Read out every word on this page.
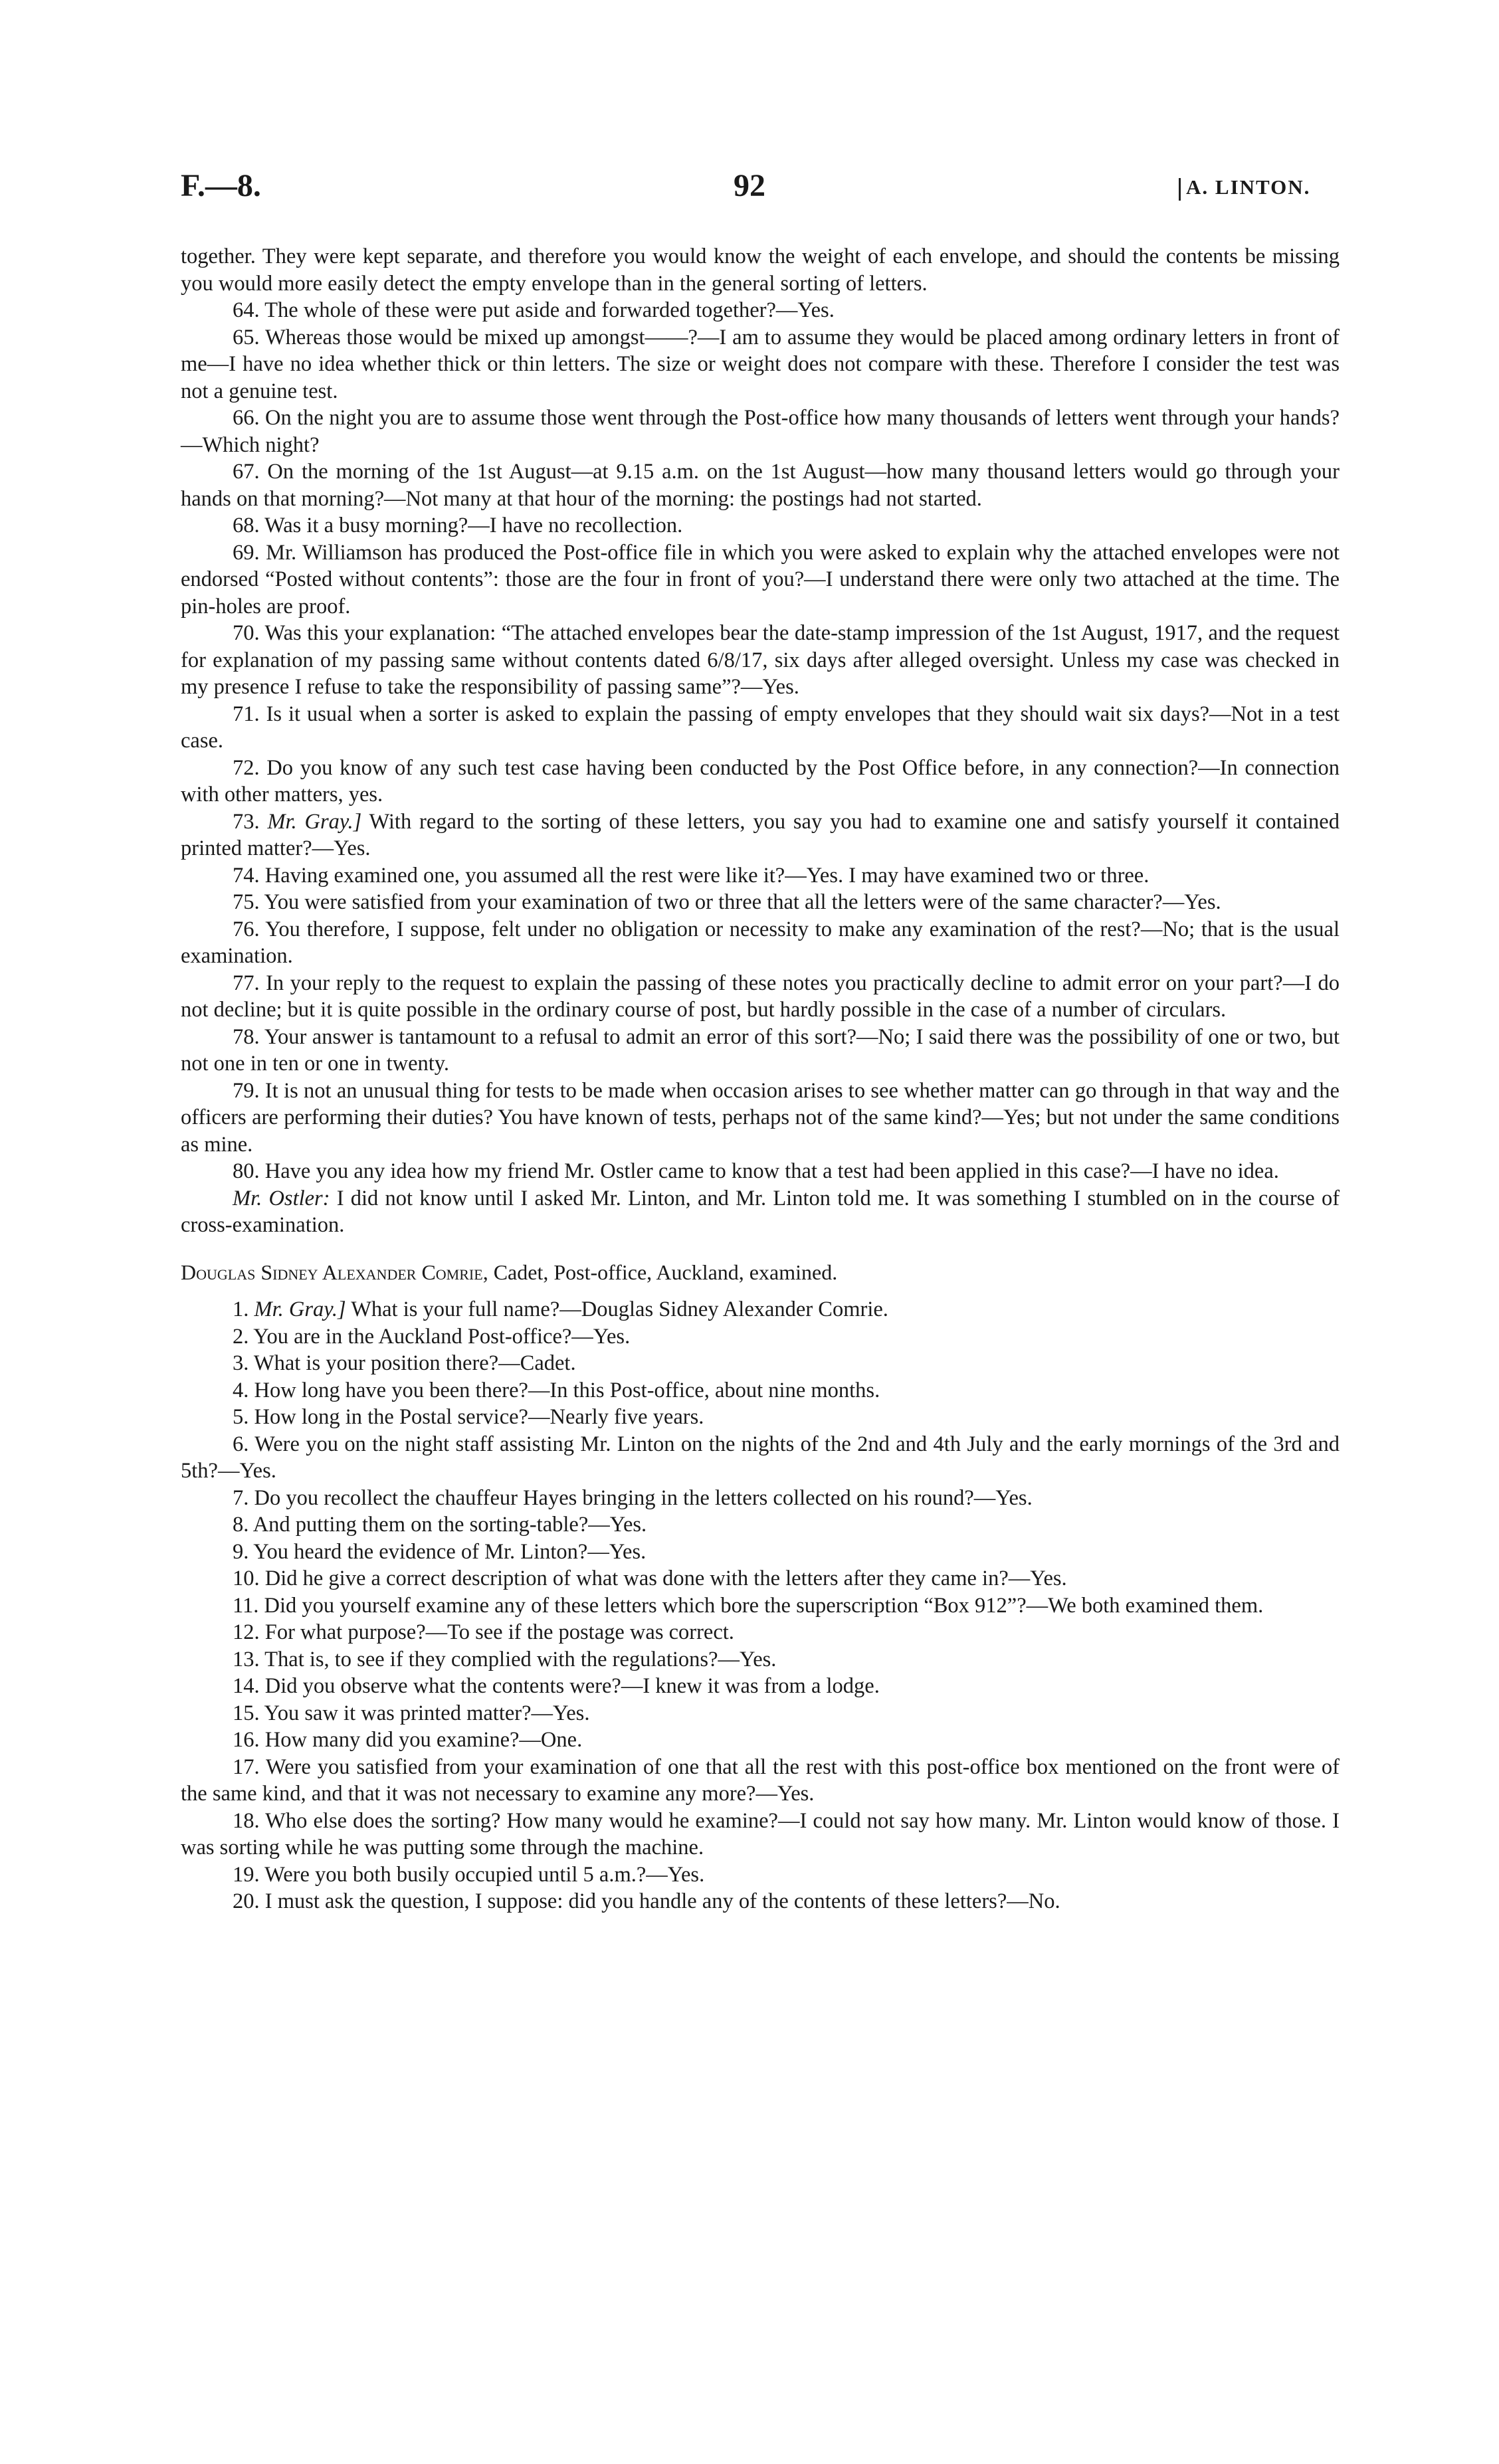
92
F.—8.	A. LINTON.

together. They were kept separate, and therefore you would know the weight of each envelope, and should the contents be missing you would more easily detect the empty envelope than in the general sorting of letters.

64. The whole of these were put aside and forwarded together?—Yes.

65. Whereas those would be mixed up amongst——?—I am to assume they would be placed among ordinary letters in front of me—I have no idea whether thick or thin letters. The size or weight does not compare with these. Therefore I consider the test was not a genuine test.

66. On the night you are to assume those went through the Post-office how many thousands of letters went through your hands?—Which night?

67. On the morning of the 1st August—at 9.15 a.m. on the 1st August—how many thousand letters would go through your hands on that morning?—Not many at that hour of the morning: the postings had not started.

68. Was it a busy morning?—I have no recollection.

69. Mr. Williamson has produced the Post-office file in which you were asked to explain why the attached envelopes were not endorsed “Posted without contents”: those are the four in front of you?—I understand there were only two attached at the time. The pin-holes are proof.

70. Was this your explanation: “The attached envelopes bear the date-stamp impression of the 1st August, 1917, and the request for explanation of my passing same without contents dated 6/8/17, six days after alleged oversight. Unless my case was checked in my presence I refuse to take the responsibility of passing same”?—Yes.

71. Is it usual when a sorter is asked to explain the passing of empty envelopes that they should wait six days?—Not in a test case.

72. Do you know of any such test case having been conducted by the Post Office before, in any connection?—In connection with other matters, yes.

73. Mr. Gray.] With regard to the sorting of these letters, you say you had to examine one and satisfy yourself it contained printed matter?—Yes.

74. Having examined one, you assumed all the rest were like it?—Yes. I may have examined two or three.

75. You were satisfied from your examination of two or three that all the letters were of the same character?—Yes.

76. You therefore, I suppose, felt under no obligation or necessity to make any examination of the rest?—No; that is the usual examination.

77. In your reply to the request to explain the passing of these notes you practically decline to admit error on your part?—I do not decline; but it is quite possible in the ordinary course of post, but hardly possible in the case of a number of circulars.

78. Your answer is tantamount to a refusal to admit an error of this sort?—No; I said there was the possibility of one or two, but not one in ten or one in twenty.

79. It is not an unusual thing for tests to be made when occasion arises to see whether matter can go through in that way and the officers are performing their duties? You have known of tests, perhaps not of the same kind?—Yes; but not under the same conditions as mine.

80. Have you any idea how my friend Mr. Ostler came to know that a test had been applied in this case?—I have no idea.

Mr. Ostler: I did not know until I asked Mr. Linton, and Mr. Linton told me. It was something I stumbled on in the course of cross-examination.

Douglas Sidney Alexander Comrie, Cadet, Post-office, Auckland, examined.

1. Mr. Gray.] What is your full name?—Douglas Sidney Alexander Comrie.

2. You are in the Auckland Post-office?—Yes.

3. What is your position there?—Cadet.

4. How long have you been there?—In this Post-office, about nine months.

5. How long in the Postal service?—Nearly five years.

6. Were you on the night staff assisting Mr. Linton on the nights of the 2nd and 4th July and the early mornings of the 3rd and 5th?—Yes.

7. Do you recollect the chauffeur Hayes bringing in the letters collected on his round?—Yes.

8. And putting them on the sorting-table?—Yes.

9. You heard the evidence of Mr. Linton?—Yes.

10. Did he give a correct description of what was done with the letters after they came in?—Yes.

11. Did you yourself examine any of these letters which bore the superscription “Box 912”?—We both examined them.

12. For what purpose?—To see if the postage was correct.

13. That is, to see if they complied with the regulations?—Yes.

14. Did you observe what the contents were?—I knew it was from a lodge.

15. You saw it was printed matter?—Yes.

16. How many did you examine?—One.

17. Were you satisfied from your examination of one that all the rest with this post-office box mentioned on the front were of the same kind, and that it was not necessary to examine any more?—Yes.

18. Who else does the sorting? How many would he examine?—I could not say how many. Mr. Linton would know of those. I was sorting while he was putting some through the machine.

19. Were you both busily occupied until 5 a.m.?—Yes.

20. I must ask the question, I suppose: did you handle any of the contents of these letters?—No.
